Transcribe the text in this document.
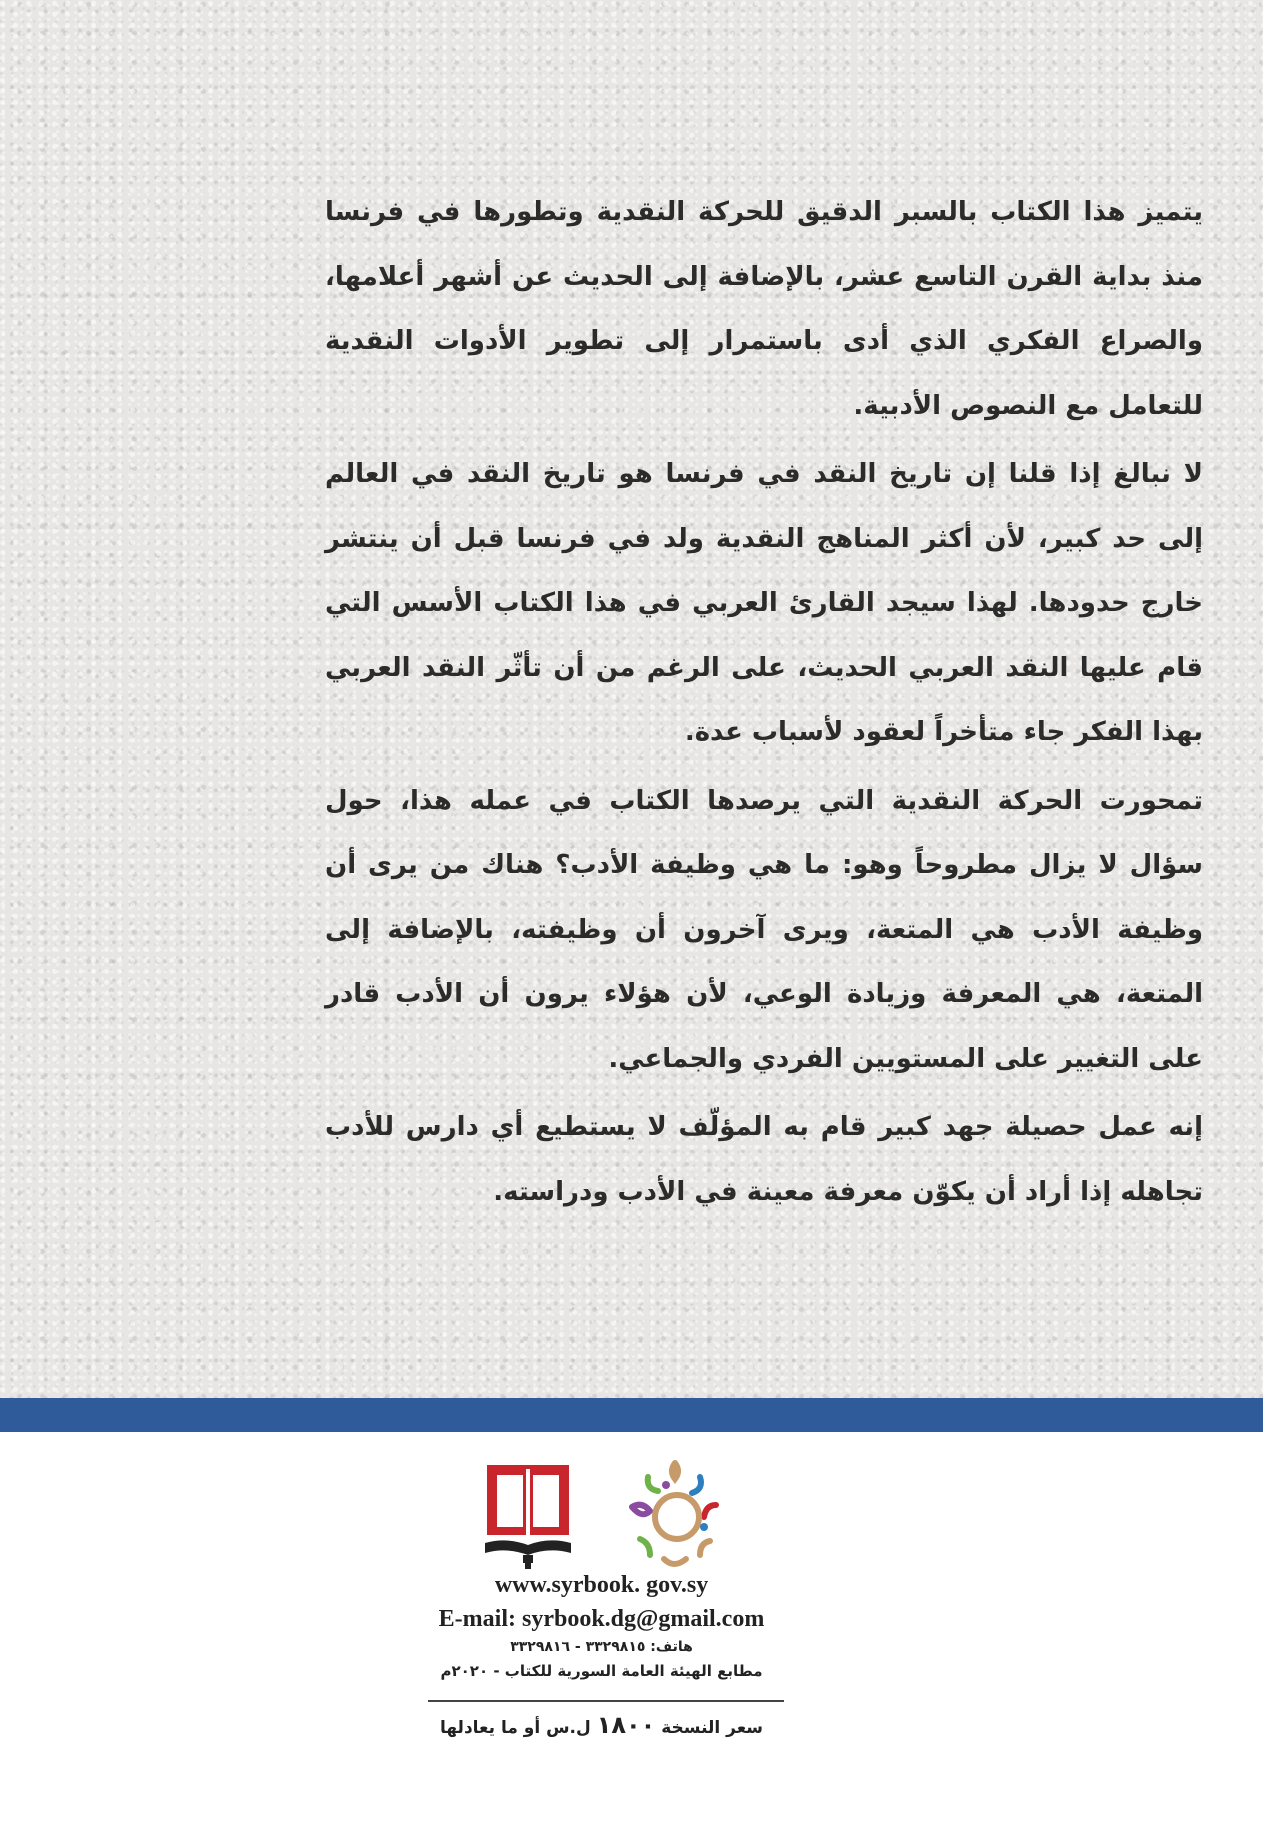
يتميز هذا الكتاب بالسبر الدقيق للحركة النقدية وتطورها في فرنسا منذ بداية القرن التاسع عشر، بالإضافة إلى الحديث عن أشهر أعلامها، والصراع الفكري الذي أدى باستمرار إلى تطوير الأدوات النقدية للتعامل مع النصوص الأدبية.

لا نبالغ إذا قلنا إن تاريخ النقد في فرنسا هو تاريخ النقد في العالم إلى حد كبير، لأن أكثر المناهج النقدية ولد في فرنسا قبل أن ينتشر خارج حدودها. لهذا سيجد القارئ العربي في هذا الكتاب الأسس التي قام عليها النقد العربي الحديث، على الرغم من أن تأثّر النقد العربي بهذا الفكر جاء متأخراً لعقود لأسباب عدة.

تمحورت الحركة النقدية التي يرصدها الكتاب في عمله هذا، حول سؤال لا يزال مطروحاً وهو: ما هي وظيفة الأدب؟ هناك من يرى أن وظيفة الأدب هي المتعة، ويرى آخرون أن وظيفته، بالإضافة إلى المتعة، هي المعرفة وزيادة الوعي، لأن هؤلاء يرون أن الأدب قادر على التغيير على المستويين الفردي والجماعي.

إنه عمل حصيلة جهد كبير قام به المؤلّف لا يستطيع أي دارس للأدب تجاهله إذا أراد أن يكوّن معرفة معينة في الأدب ودراسته.

www.syrbook. gov.sy
E-mail: syrbook.dg@gmail.com
هاتف: ٣٣٢٩٨١٥ - ٣٣٢٩٨١٦
مطابع الهيئة العامة السورية للكتاب - ٢٠٢٠م
سعر النسخة ١٨٠٠ ل.س أو ما يعادلها
